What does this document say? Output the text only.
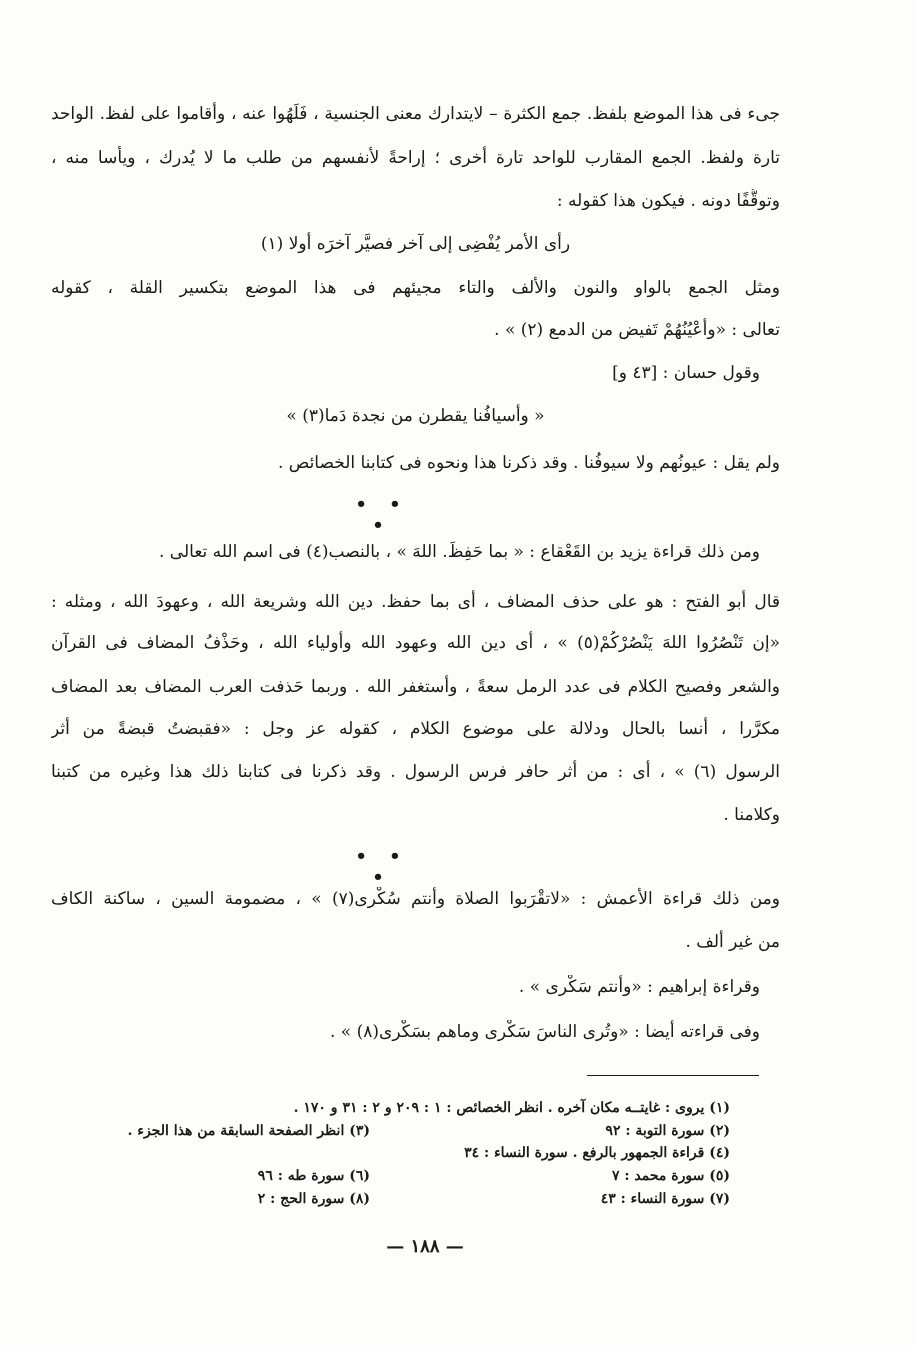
جىء فى هذا الموضع بلفظ. جمع الكثرة – لايتدارك معنى الجنسية ، فَلَهُوا عنه ، وأقاموا على لفظ. الواحد
تارة ولفظ. الجمع المقارب للواحد تارة أخرى ؛ إراحةً لأنفسهم من طلب ما لا يُدرك ، ويأسا منه ،
وتوقُّفًا دونه . فيكون هذا كقوله :
رأى الأمر يُفْضِى إلى آخر فصيَّر آخرَه أولا (١)
ومثل الجمع بالواو والنون والألف والتاء مجيئهم فى هذا الموضع بتكسير القلة ، كقوله
تعالى : «وأعْيُنُهُمْ تَفيض من الدمع (٢) » .
وقول حسان : [٤٣ و]
« وأسيافُنا يقطرن من نجدة دَما(٣) »
ولم يقل : عيونُهم ولا سيوفُنا . وقد ذكرنا هذا ونحوه فى كتابنا الخصائص .
• • •
ومن ذلك قراءة يزيد بن القَعْقاع : « بما حَفِظَ. اللهَ » ، بالنصب(٤) فى اسم الله تعالى .
قال أبو الفتح : هو على حذف المضاف ، أى بما حفظ. دين الله وشريعة الله ، وعهودَ الله ، ومثله :
«إن تَنْصُرُوا اللهَ يَنْصُرْكُمْ(٥) » ، أى دين الله وعهود الله وأولياء الله ، وحَذْفُ المضاف فى القرآن
والشعر وفصيح الكلام فى عدد الرمل سعةً ، وأستغفر الله . وربما حَذفت العرب المضاف بعد المضاف
مكرَّرا ، أُنسا بالحال ودلالة على موضوع الكلام ، كقوله عز وجل : «فقبضتُ قبضةً من أثر
الرسول (٦) » ، أى : من أثر حافر فرس الرسول . وقد ذكرنا فى كتابنا ذلك هذا وغيره من كتبنا
وكلامنا .
• • •
ومن ذلك قراءة الأعمش : «لاتقْرَبوا الصلاة وأنتم سُكْرى(٧) » ، مضمومة السين ، ساكنة الكاف
من غير ألف .
وقراءة إبراهيم : «وأنتم سَكْرى » .
وفى قراءته أيضا : «وتُرى الناسَ سَكْرى وماهم بسَكْرى(٨) » .
(١) يروى : غايتــه مكان آخره . انظر الخصائص : ١ : ٢٠٩ و ٢ : ٣١ و ١٧٠ .
(٢) سورة التوبة : ٩٢
(٣) انظر الصفحة السابقة من هذا الجزء .
(٤) قراءة الجمهور بالرفع . سورة النساء : ٣٤
(٥) سورة محمد : ٧
(٦) سورة طه : ٩٦
(٧) سورة النساء : ٤٣
(٨) سورة الحج : ٢
— ١٨٨ —
